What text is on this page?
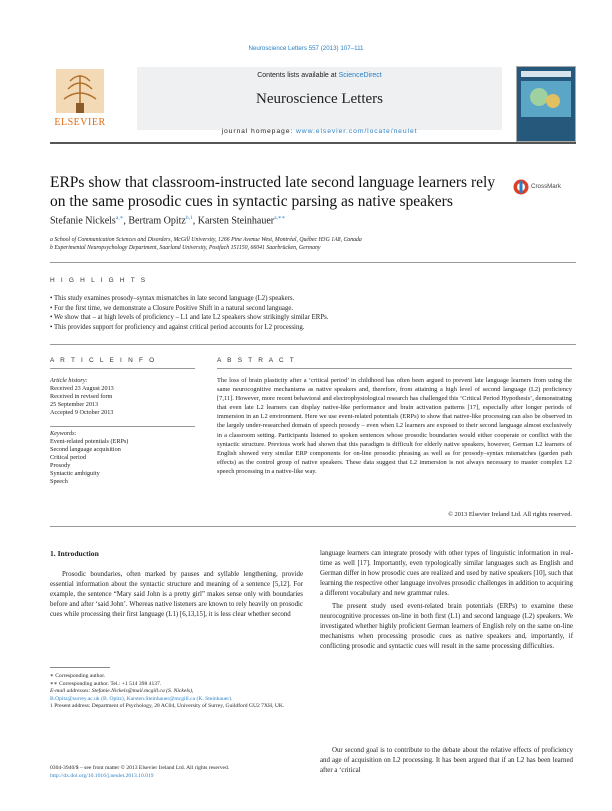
Neuroscience Letters 557 (2013) 107–111
Contents lists available at ScienceDirect
Neuroscience Letters
journal homepage: www.elsevier.com/locate/neulet
ELSEVIER
ERPs show that classroom-instructed late second language learners rely on the same prosodic cues in syntactic parsing as native speakers
CrossMark
Stefanie Nickels$^{a,∗}$, Bertram Opitz$^{b,1}$, Karsten Steinhauer$^{a,∗∗}$
a School of Communication Sciences and Disorders, McGill University, 1266 Pine Avenue West, Montréal, Québec H3G 1A8, Canada
b Experimental Neuropsychology Department, Saarland University, Postfach 151150, 66041 Saarbrücken, Germany
H I G H L I G H T S
• This study examines prosody–syntax mismatches in late second language (L2) speakers.
• For the first time, we demonstrate a Closure Positive Shift in a natural second language.
• We show that – at high levels of proficiency – L1 and late L2 speakers show strikingly similar ERPs.
• This provides support for proficiency and against critical period accounts for L2 processing.
A R T I C L E I N F O
Article history:
Received 23 August 2013
Received in revised form
25 September 2013
Accepted 9 October 2013
Keywords:
Event-related potentials (ERPs)
Second language acquisition
Critical period
Prosody
Syntactic ambiguity
Speech
A B S T R A C T
The loss of brain plasticity after a ‘critical period’ in childhood has often been argued to prevent late language learners from using the same neurocognitive mechanisms as native speakers and, therefore, from attaining a high level of second language (L2) proficiency [7,11]. However, more recent behavioral and electrophysiological research has challenged this ‘Critical Period Hypothesis’, demonstrating that even late L2 learners can display native-like performance and brain activation patterns [17], especially after longer periods of immersion in an L2 environment. Here we use event-related potentials (ERPs) to show that native-like processing can also be observed in the largely under-researched domain of speech prosody – even when L2 learners are exposed to their second language almost exclusively in a classroom setting. Participants listened to spoken sentences whose prosodic boundaries would either cooperate or conflict with the syntactic structure. Previous work had shown that this paradigm is difficult for elderly native speakers, however, German L2 learners of English showed very similar ERP components for on-line prosodic phrasing as well as for prosody–syntax mismatches (garden path effects) as the control group of native speakers. These data suggest that L2 immersion is not always necessary to master complex L2 speech processing in a native-like way.
© 2013 Elsevier Ireland Ltd. All rights reserved.
1. Introduction
Prosodic boundaries, often marked by pauses and syllable lengthening, provide essential information about the syntactic structure and meaning of a sentence [5,12]. For example, the sentence “Mary said John is a pretty girl” makes sense only with boundaries before and after ‘said John’. Whereas native listeners are known to rely heavily on prosodic cues while processing their first language (L1) [6,13,15], it is less clear whether second
language learners can integrate prosody with other types of linguistic information in real-time as well [17]. Importantly, even typologically similar languages such as English and German differ in how prosodic cues are realized and used by native speakers [10], such that learning the respective other language involves prosodic challenges in addition to acquiring a different vocabulary and new grammar rules.
The present study used event-related brain potentials (ERPs) to examine these neurocognitive processes on-line in both first (L1) and second language (L2) speakers. We investigated whether highly proficient German learners of English rely on the same on-line mechanisms when processing prosodic cues as native speakers and, importantly, if conflicting prosodic and syntactic cues will result in the same processing difficulties.
Our second goal is to contribute to the debate about the relative effects of proficiency and age of acquisition on L2 processing. It has been argued that if an L2 has been learned after a ‘critical
∗ Corresponding author.
∗∗ Corresponding author. Tel.: +1 514 398 4137.
E-mail addresses: Stefanie.Nickels@mail.mcgill.ca (S. Nickels),
B.Opitz@surrey.ac.uk (B. Opitz), Karsten.Steinhauer@mcgill.ca (K. Steinhauer).
1 Present address: Department of Psychology, 28 AC04, University of Surrey, Guildford GU2 7XH, UK.
0304-3940/$ – see front matter © 2013 Elsevier Ireland Ltd. All rights reserved.
http://dx.doi.org/10.1016/j.neulet.2013.10.019
